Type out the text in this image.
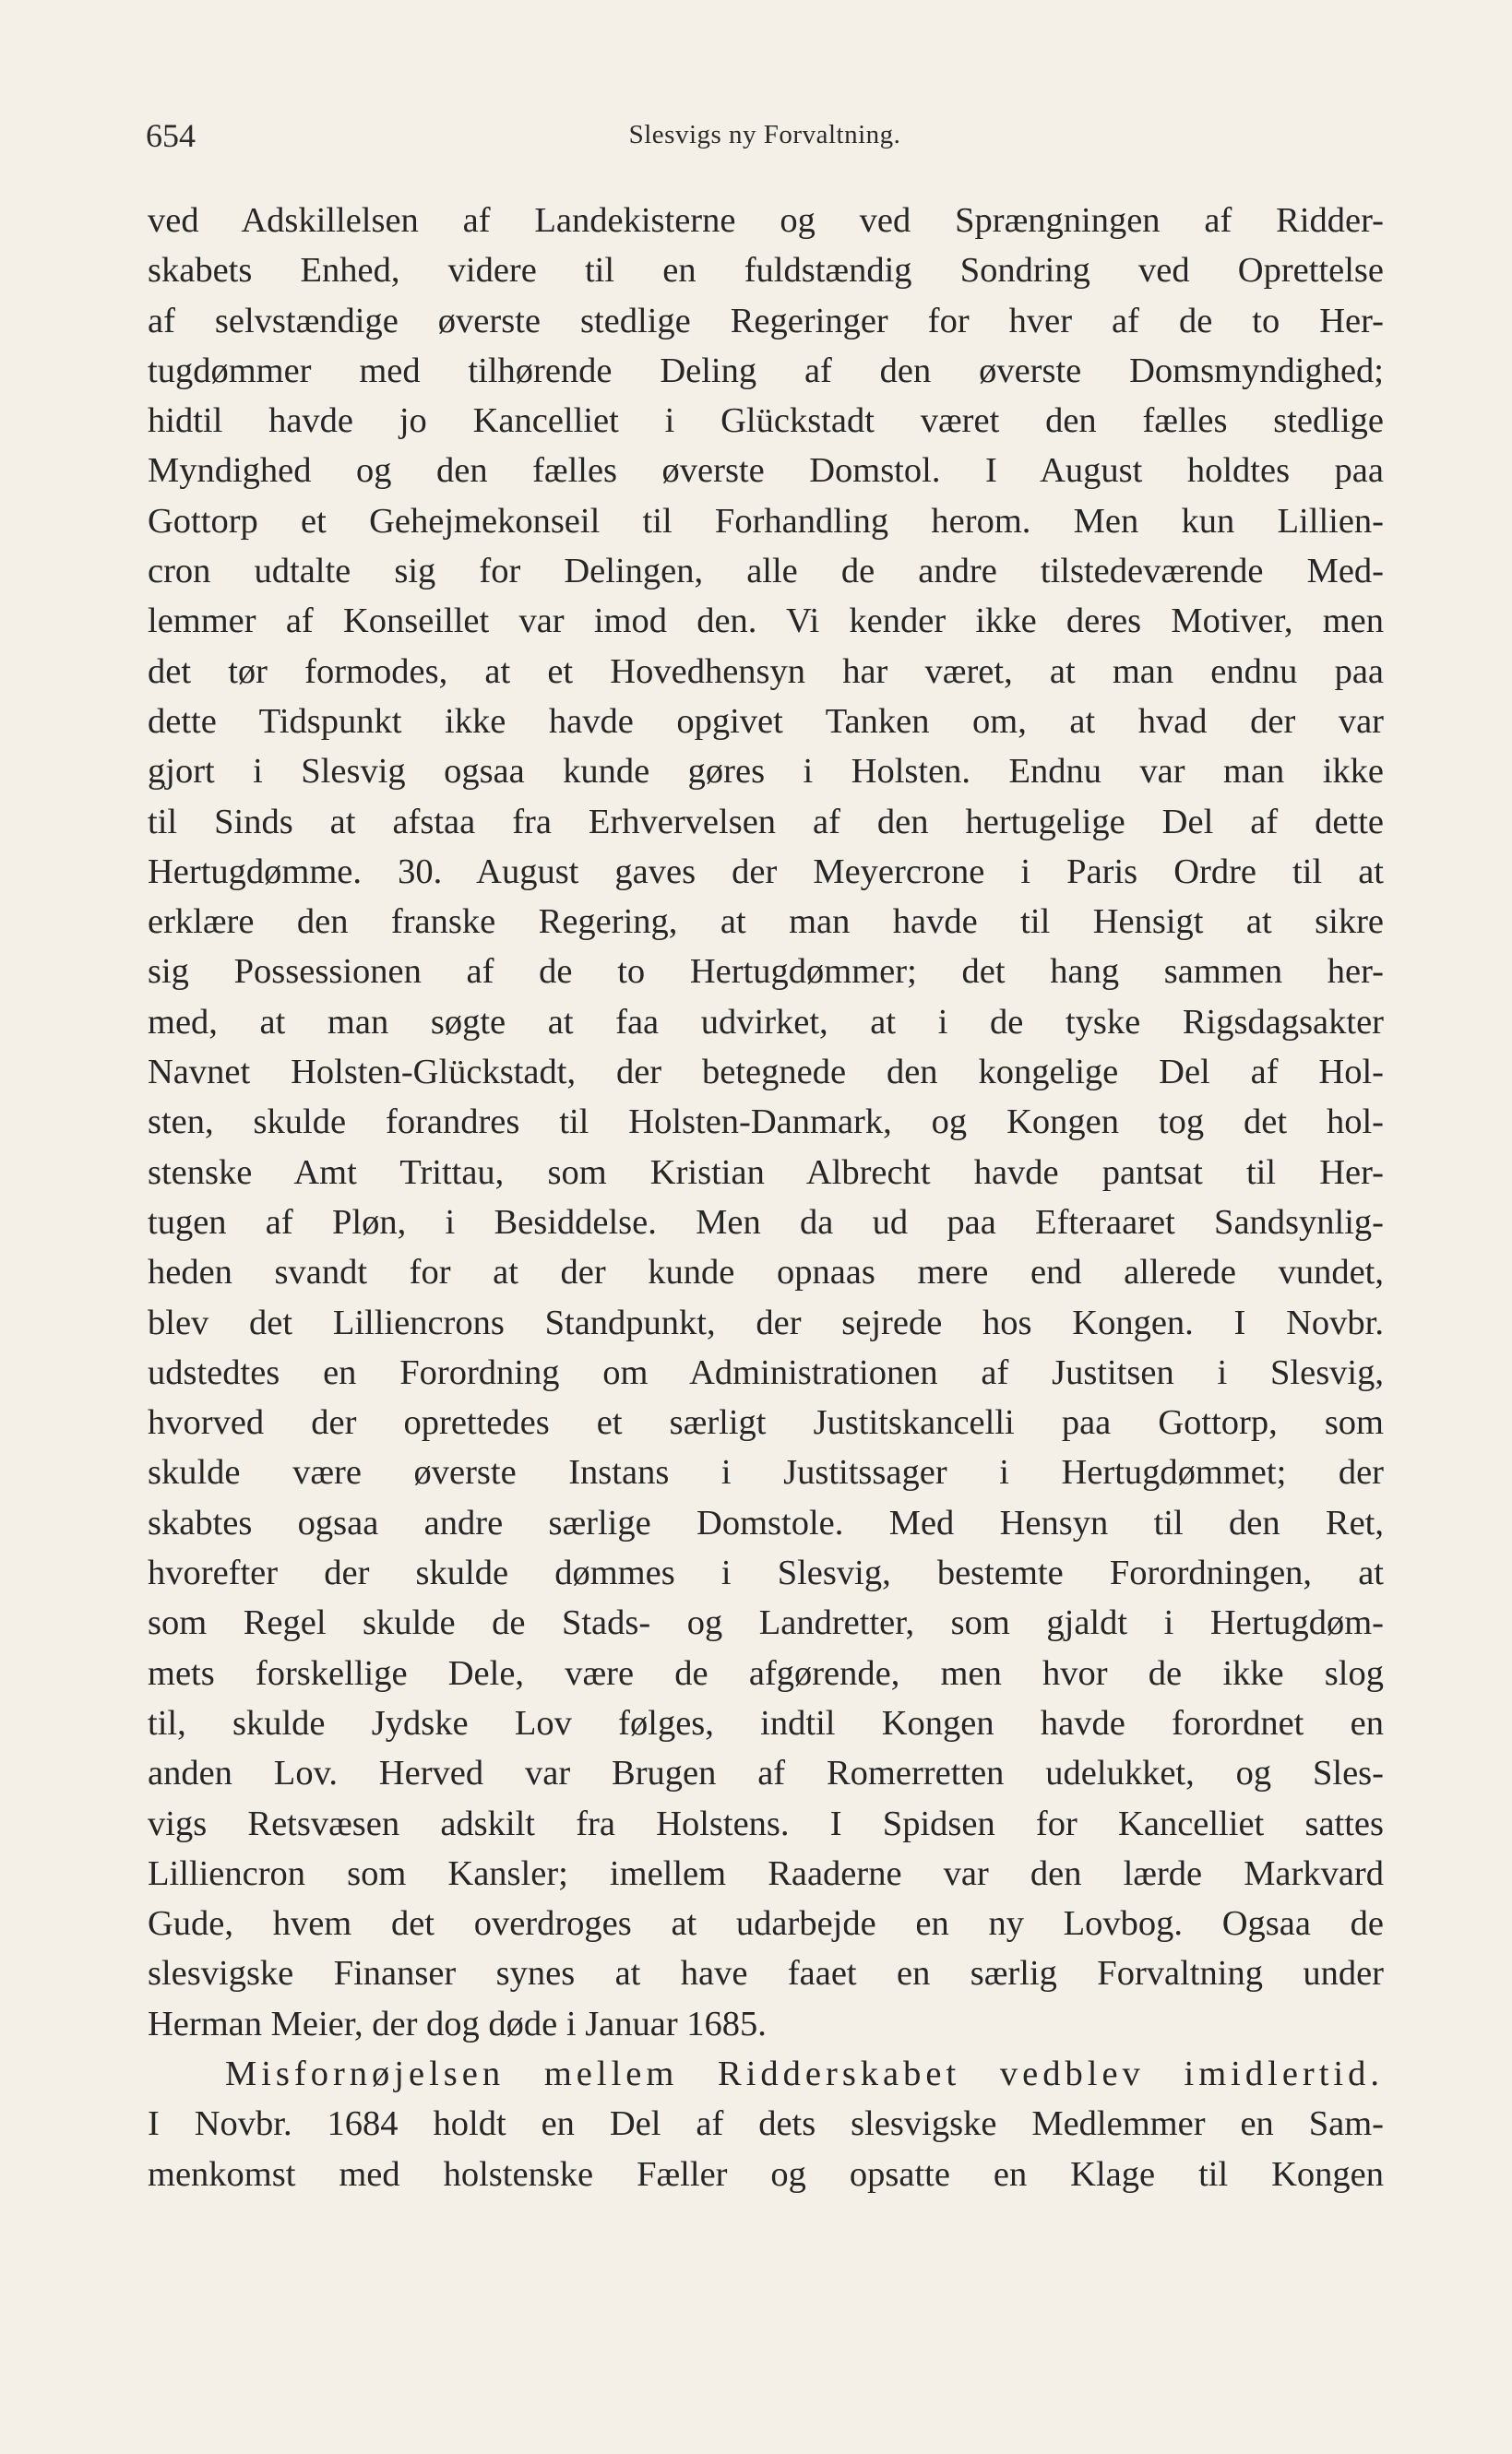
654	Slesvigs ny Forvaltning.
ved Adskillelsen af Landekisterne og ved Sprængningen af Ridder-
skabets Enhed, videre til en fuldstændig Sondring ved Oprettelse
af selvstændige øverste stedlige Regeringer for hver af de to Her-
tugdømmer med tilhørende Deling af den øverste Domsmyndighed;
hidtil havde jo Kancelliet i Glückstadt været den fælles stedlige
Myndighed og den fælles øverste Domstol. I August holdtes paa
Gottorp et Gehejmekonseil til Forhandling herom. Men kun Lillien-
cron udtalte sig for Delingen, alle de andre tilstedeværende Med-
lemmer af Konseillet var imod den. Vi kender ikke deres Motiver, men
det tør formodes, at et Hovedhensyn har været, at man endnu paa
dette Tidspunkt ikke havde opgivet Tanken om, at hvad der var
gjort i Slesvig ogsaa kunde gøres i Holsten. Endnu var man ikke
til Sinds at afstaa fra Erhvervelsen af den hertugelige Del af dette
Hertugdømme. 30. August gaves der Meyercrone i Paris Ordre til at
erklære den franske Regering, at man havde til Hensigt at sikre
sig Possessionen af de to Hertugdømmer; det hang sammen her-
med, at man søgte at faa udvirket, at i de tyske Rigsdagsakter
Navnet Holsten-Glückstadt, der betegnede den kongelige Del af Hol-
sten, skulde forandres til Holsten-Danmark, og Kongen tog det hol-
stenske Amt Trittau, som Kristian Albrecht havde pantsat til Her-
tugen af Pløn, i Besiddelse. Men da ud paa Efteraaret Sandsynlig-
heden svandt for at der kunde opnaas mere end allerede vundet,
blev det Lilliencrons Standpunkt, der sejrede hos Kongen. I Novbr.
udstedtes en Forordning om Administrationen af Justitsen i Slesvig,
hvorved der oprettedes et særligt Justitskancelli paa Gottorp, som
skulde være øverste Instans i Justitssager i Hertugdømmet; der
skabtes ogsaa andre særlige Domstole. Med Hensyn til den Ret,
hvorefter der skulde dømmes i Slesvig, bestemte Forordningen, at
som Regel skulde de Stads- og Landretter, som gjaldt i Hertugdøm-
mets forskellige Dele, være de afgørende, men hvor de ikke slog
til, skulde Jydske Lov følges, indtil Kongen havde forordnet en
anden Lov. Herved var Brugen af Romerretten udelukket, og Sles-
vigs Retsvæsen adskilt fra Holstens. I Spidsen for Kancelliet sattes
Lilliencron som Kansler; imellem Raaderne var den lærde Markvard
Gude, hvem det overdroges at udarbejde en ny Lovbog. Ogsaa de
slesvigske Finanser synes at have faaet en særlig Forvaltning under
Herman Meier, der dog døde i Januar 1685.
Misfornøjelsen mellem Ridderskabet vedblev imidlertid.
I Novbr. 1684 holdt en Del af dets slesvigske Medlemmer en Sam-
menkomst med holstenske Fæller og opsatte en Klage til Kongen
